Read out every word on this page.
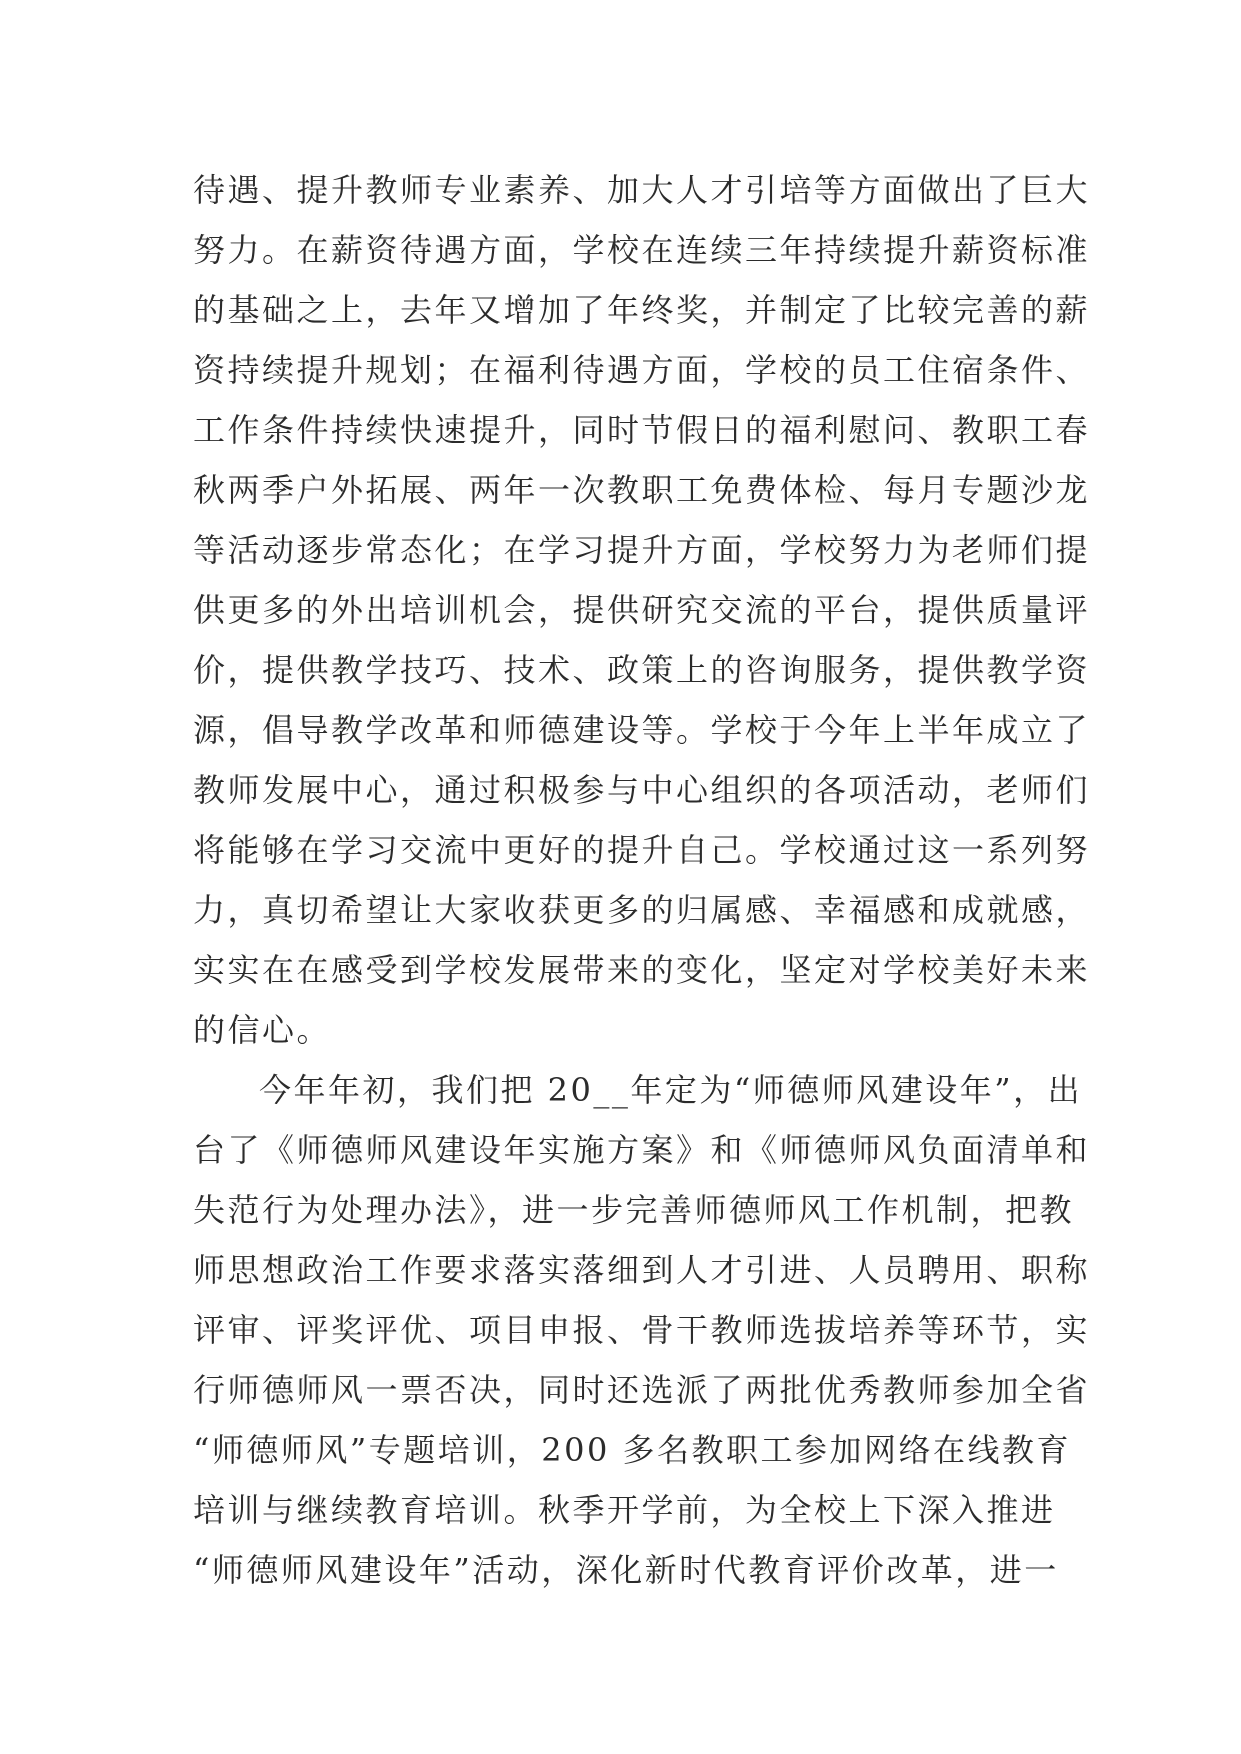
待遇、提升教师专业素养、加大人才引培等方面做出了巨大
努力。在薪资待遇方面，学校在连续三年持续提升薪资标准
的基础之上，去年又增加了年终奖，并制定了比较完善的薪
资持续提升规划；在福利待遇方面，学校的员工住宿条件、
工作条件持续快速提升，同时节假日的福利慰问、教职工春
秋两季户外拓展、两年一次教职工免费体检、每月专题沙龙
等活动逐步常态化；在学习提升方面，学校努力为老师们提
供更多的外出培训机会，提供研究交流的平台，提供质量评
价，提供教学技巧、技术、政策上的咨询服务，提供教学资
源，倡导教学改革和师德建设等。学校于今年上半年成立了
教师发展中心，通过积极参与中心组织的各项活动，老师们
将能够在学习交流中更好的提升自己。学校通过这一系列努
力，真切希望让大家收获更多的归属感、幸福感和成就感，
实实在在感受到学校发展带来的变化，坚定对学校美好未来
的信心。
今年年初，我们把 20__年定为“师德师风建设年”，出
台了《师德师风建设年实施方案》和《师德师风负面清单和
失范行为处理办法》，进一步完善师德师风工作机制，把教
师思想政治工作要求落实落细到人才引进、人员聘用、职称
评审、评奖评优、项目申报、骨干教师选拔培养等环节，实
行师德师风一票否决，同时还选派了两批优秀教师参加全省
“师德师风”专题培训，200 多名教职工参加网络在线教育
培训与继续教育培训。秋季开学前，为全校上下深入推进
“师德师风建设年”活动，深化新时代教育评价改革，进一
